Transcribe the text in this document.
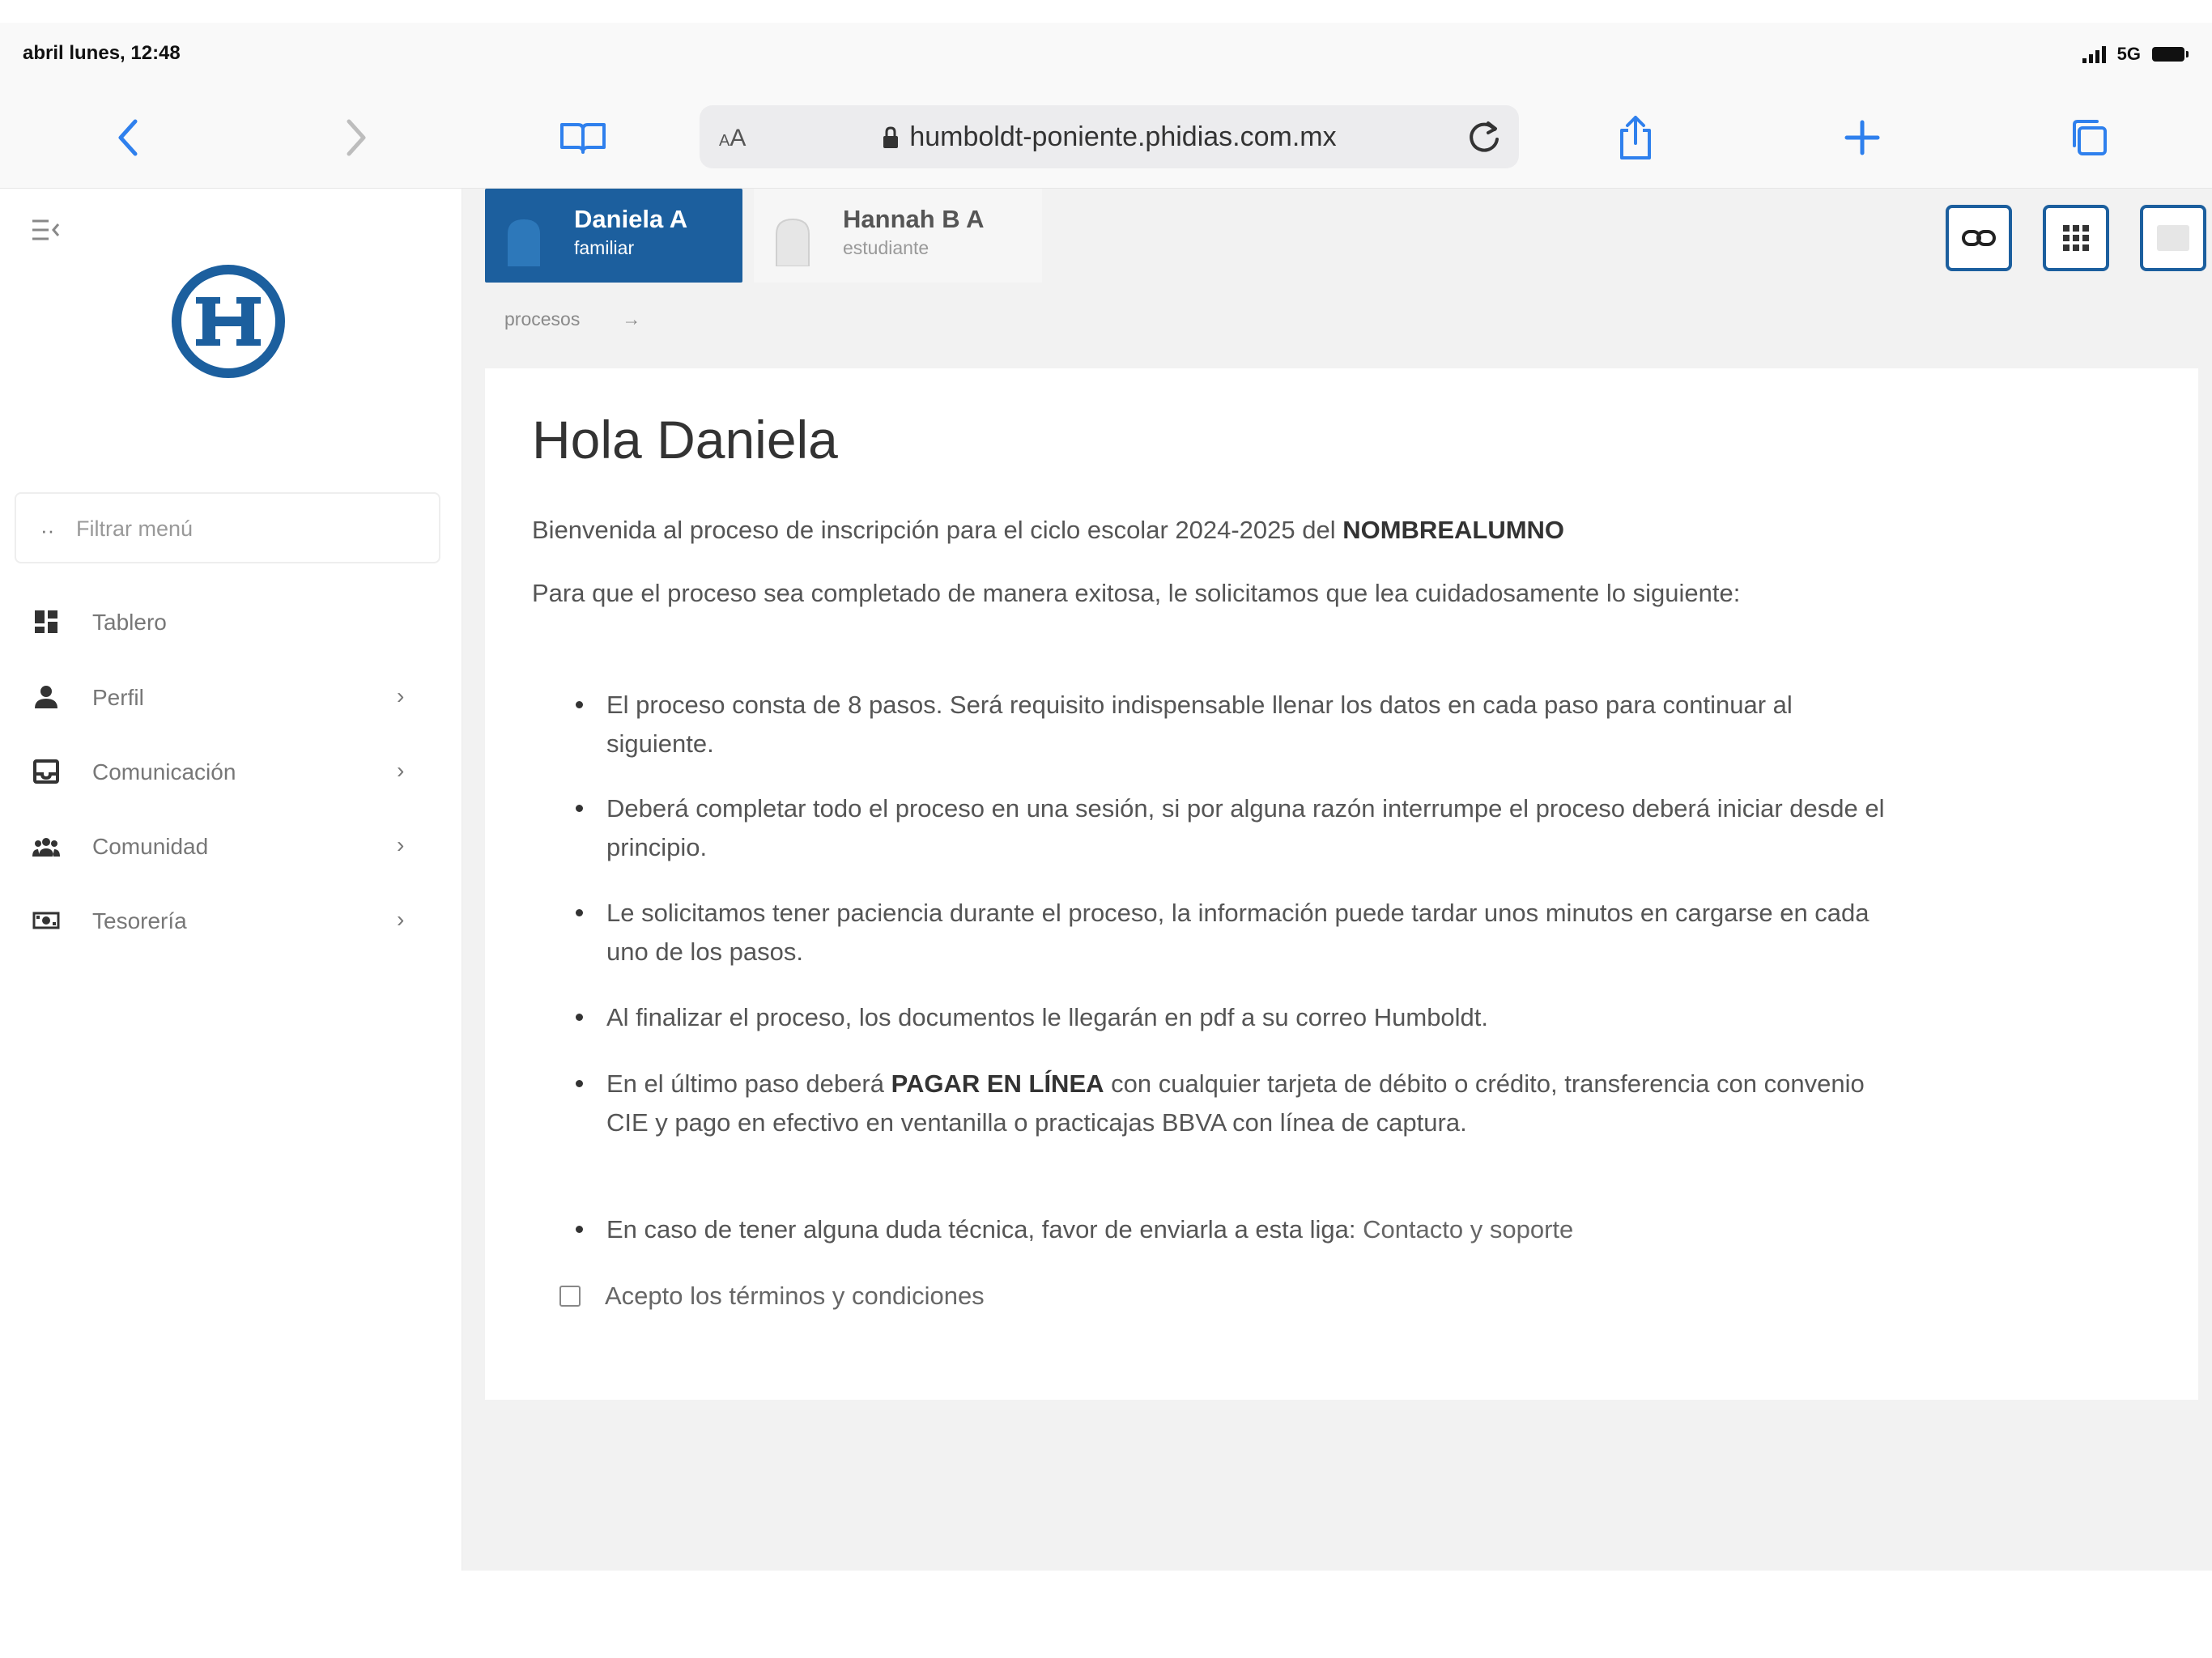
abril lunes, 12:48	5G
AA	humboldt-poniente.phidias.com.mx
··
Filtrar menú
Tablero
Perfil	›
Comunicación	›
Comunidad	›
Tesorería	›
Daniela A
familiar
Hannah B A
estudiante
procesos →
Hola Daniela
Bienvenida al proceso de inscripción para el ciclo escolar 2024-2025 del NOMBREALUMNO
Para que el proceso sea completado de manera exitosa, le solicitamos que lea cuidadosamente lo siguiente:
El proceso consta de 8 pasos. Será requisito indispensable llenar los datos en cada paso para continuar al siguiente.
Deberá completar todo el proceso en una sesión, si por alguna razón interrumpe el proceso deberá iniciar desde el principio.
Le solicitamos tener paciencia durante el proceso, la información puede tardar unos minutos en cargarse en cada uno de los pasos.
Al finalizar el proceso, los documentos le llegarán en pdf a su correo Humboldt.
En el último paso deberá PAGAR EN LÍNEA con cualquier tarjeta de débito o crédito, transferencia con convenio CIE y pago en efectivo en ventanilla o practicajas BBVA con línea de captura.
En caso de tener alguna duda técnica, favor de enviarla a esta liga: Contacto y soporte
Acepto los términos y condiciones
